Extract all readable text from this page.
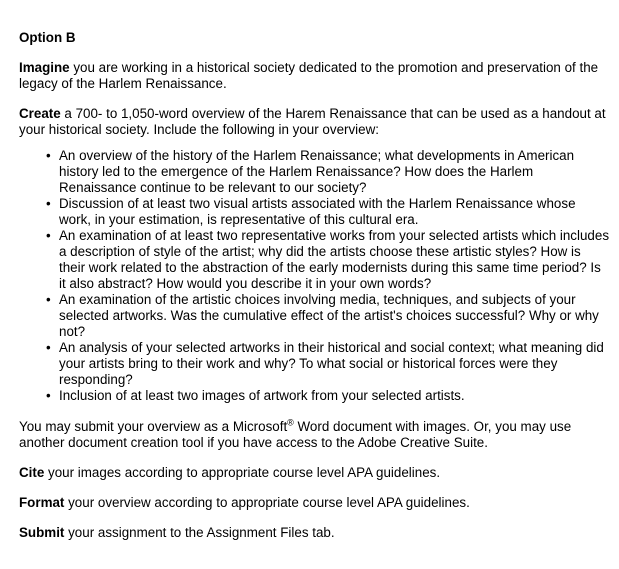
Option B

Imagine you are working in a historical society dedicated to the promotion and preservation of the legacy of the Harlem Renaissance.

Create a 700- to 1,050-word overview of the Harem Renaissance that can be used as a handout at your historical society. Include the following in your overview:

• An overview of the history of the Harlem Renaissance; what developments in American history led to the emergence of the Harlem Renaissance? How does the Harlem Renaissance continue to be relevant to our society?
• Discussion of at least two visual artists associated with the Harlem Renaissance whose work, in your estimation, is representative of this cultural era.
• An examination of at least two representative works from your selected artists which includes a description of style of the artist; why did the artists choose these artistic styles? How is their work related to the abstraction of the early modernists during this same time period? Is it also abstract? How would you describe it in your own words?
• An examination of the artistic choices involving media, techniques, and subjects of your selected artworks. Was the cumulative effect of the artist's choices successful? Why or why not?
• An analysis of your selected artworks in their historical and social context; what meaning did your artists bring to their work and why? To what social or historical forces were they responding?
• Inclusion of at least two images of artwork from your selected artists.

You may submit your overview as a Microsoft® Word document with images. Or, you may use another document creation tool if you have access to the Adobe Creative Suite.

Cite your images according to appropriate course level APA guidelines.

Format your overview according to appropriate course level APA guidelines.

Submit your assignment to the Assignment Files tab.
